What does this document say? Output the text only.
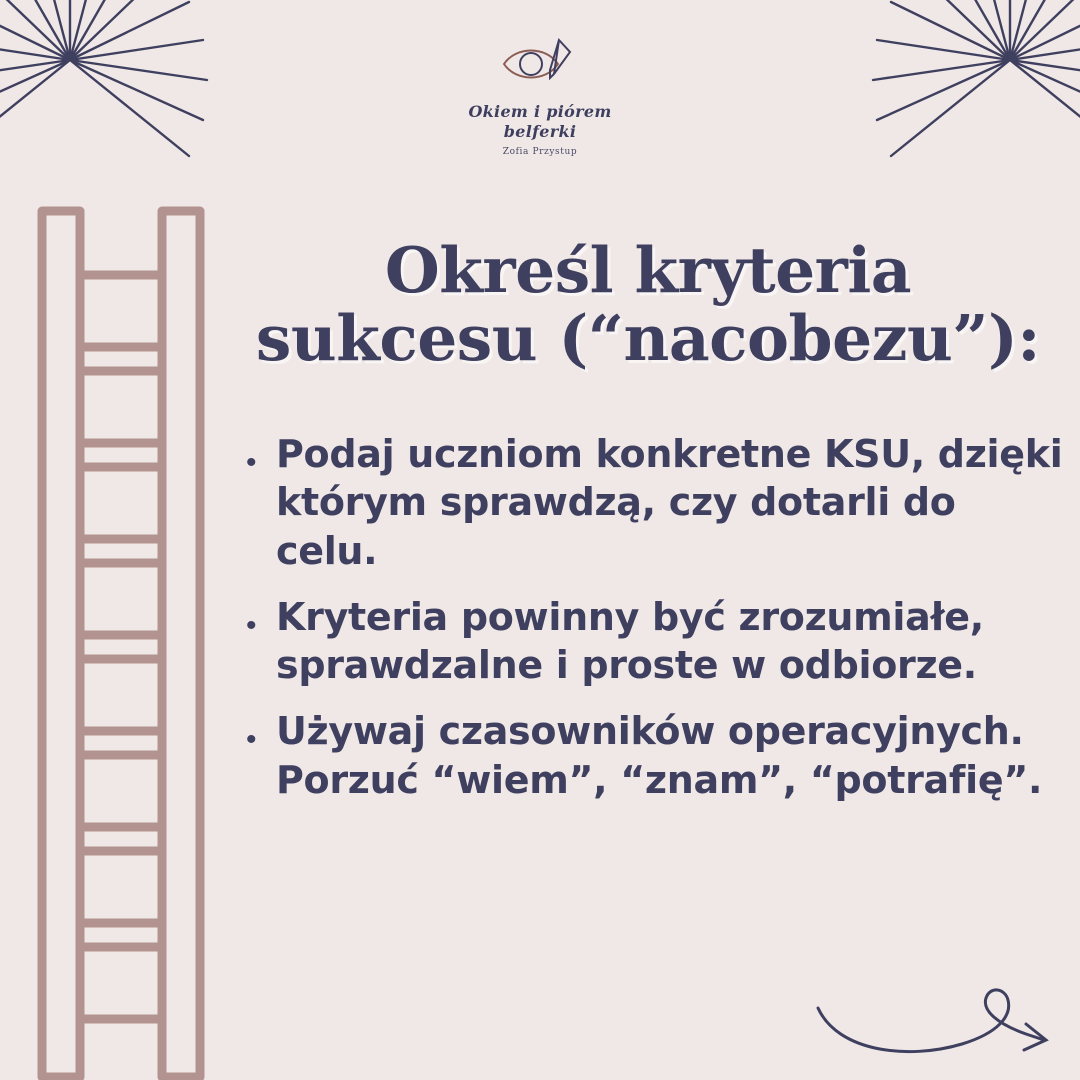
Okiem i piórem
belferki
Zofia Przystup
Określ kryteria
sukcesu (“nacobezu”):
• Podaj uczniom konkretne KSU, dzięki którym sprawdzą, czy dotarli do celu.
• Kryteria powinny być zrozumiałe, sprawdzalne i proste w odbiorze.
• Używaj czasowników operacyjnych. Porzuć “wiem”, “znam”, “potrafię”.
